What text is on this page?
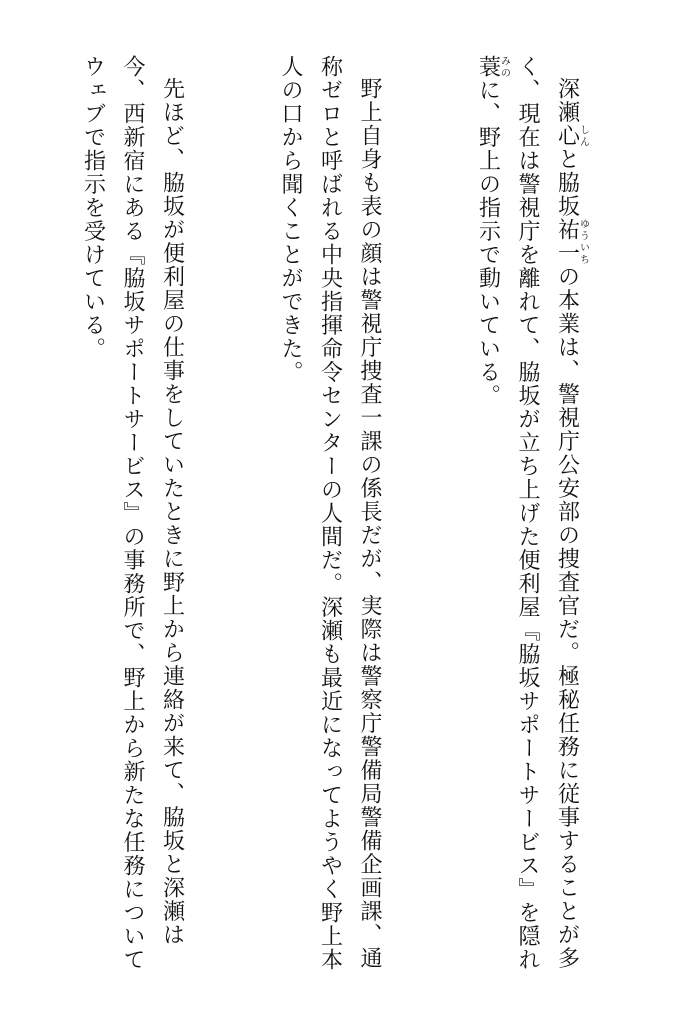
深瀬心しんと脇坂祐一ゆういちの本業は、警視庁公安部の捜査官だ。極秘任務に従事することが多く、現在は警視庁を離れて、脇坂が立ち上げた便利屋『脇坂サポートサービス』を隠れ蓑みのに、野上の指示で動いている。

野上自身も表の顔は警視庁捜査一課の係長だが、実際は警察庁警備局警備企画課、通称ゼロと呼ばれる中央指揮命令センターの人間だ。深瀬も最近になってようやく野上本人の口から聞くことができた。

先ほど、脇坂が便利屋の仕事をしていたときに野上から連絡が来て、脇坂と深瀬は今、西新宿にある『脇坂サポートサービス』の事務所で、野上から新たな任務についてウェブで指示を受けている。
